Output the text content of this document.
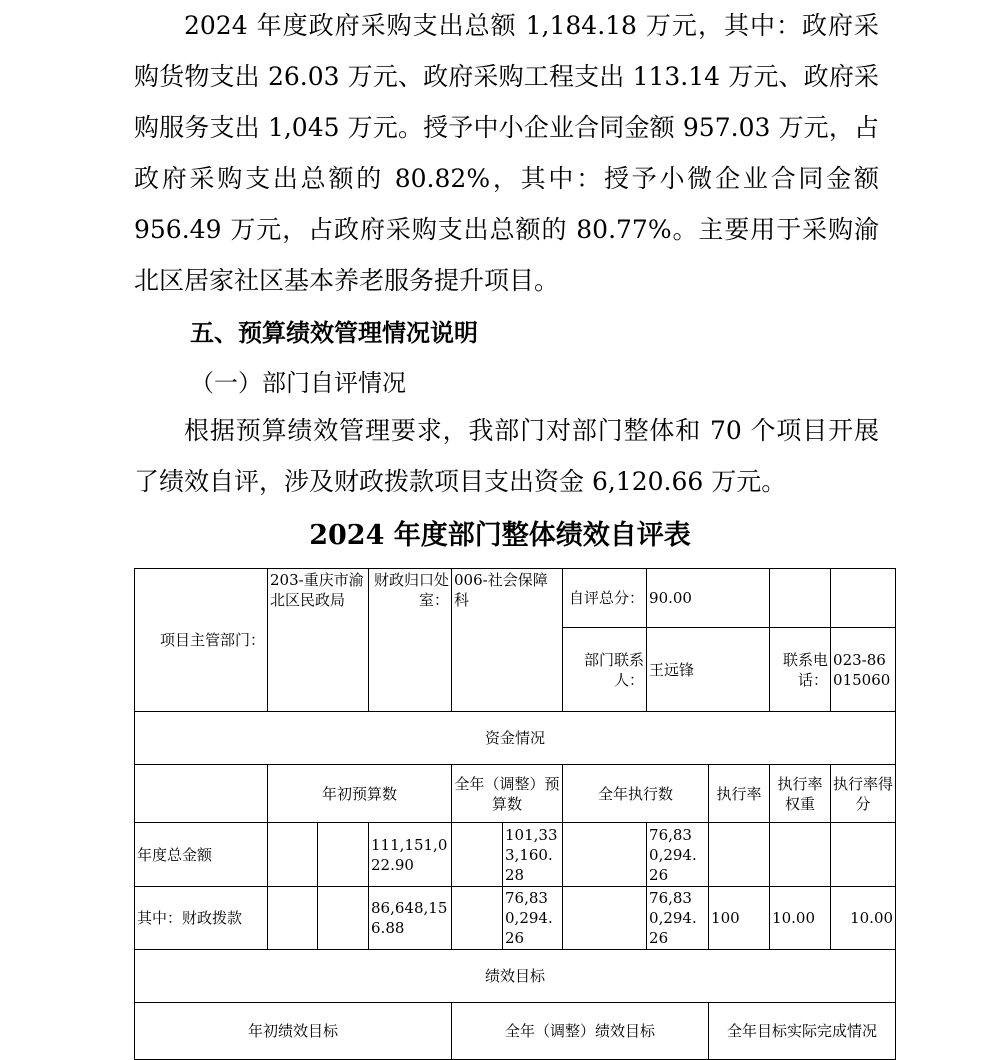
2024 年度政府采购支出总额 1,184.18 万元，其中：政府采购货物支出 26.03 万元、政府采购工程支出 113.14 万元、政府采购服务支出 1,045 万元。授予中小企业合同金额 957.03 万元，占政府采购支出总额的 80.82%，其中：授予小微企业合同金额 956.49 万元，占政府采购支出总额的 80.77%。主要用于采购渝北区居家社区基本养老服务提升项目。

五、预算绩效管理情况说明

（一）部门自评情况

根据预算绩效管理要求，我部门对部门整体和 70 个项目开展了绩效自评，涉及财政拨款项目支出资金 6,120.66 万元。

2024 年度部门整体绩效自评表

项目主管部门：	203-重庆市渝北区民政局		财政归口处室：	006-社会保障科		自评总分：	90.00			
						部门联系人：	王远锋		联系电话：	023-86015060
资金情况										
	年初预算数			全年（调整）预算数		全年执行数		执行率	执行率权重	执行率得分
年度总金额			111,151,022.90		101,333,160.28		76,830,294.26			
其中：财政拨款			86,648,156.88		76,830,294.26		76,830,294.26	100	10.00	10.00
绩效目标										
年初绩效目标				全年（调整）绩效目标				全年目标实际完成情况		
